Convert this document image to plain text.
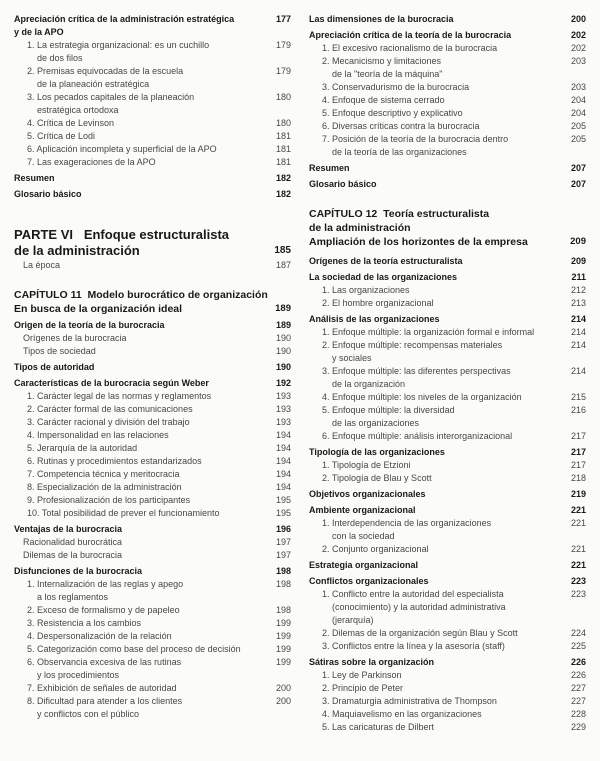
Apreciación crítica de la administración estratégica
y de la APO
177
1. La estrategia organizacional: es un cuchillo
de dos filos
179
2. Premisas equivocadas de la escuela
de la planeación estratégica
179
3. Los pecados capitales de la planeación
estratégica ortodoxa
180
4. Crítica de Levinson	180
5. Crítica de Lodi	181
6. Aplicación incompleta y superficial de la APO	181
7. Las exageraciones de la APO	181
Resumen	182
Glosario básico	182
PARTE VI   Enfoque estructuralista
de la administración	185
La época	187
CAPÍTULO 11  Modelo burocrático de organización
En busca de la organización ideal	189
Origen de la teoría de la burocracia	189
Orígenes de la burocracia	190
Tipos de sociedad	190
Tipos de autoridad	190
Características de la burocracia según Weber	192
1. Carácter legal de las normas y reglamentos	193
2. Carácter formal de las comunicaciones	193
3. Carácter racional y división del trabajo	193
4. Impersonalidad en las relaciones	194
5. Jerarquía de la autoridad	194
6. Rutinas y procedimientos estandarizados	194
7. Competencia técnica y meritocracia	194
8. Especialización de la administración	194
9. Profesionalización de los participantes	195
10. Total posibilidad de prever el funcionamiento	195
Ventajas de la burocracia	196
Racionalidad burocrática	197
Dilemas de la burocracia	197
Disfunciones de la burocracia	198
1. Internalización de las reglas y apego
a los reglamentos
198
2. Exceso de formalismo y de papeleo	198
3. Resistencia a los cambios	199
4. Despersonalización de la relación	199
5. Categorización como base del proceso de decisión	199
6. Observancia excesiva de las rutinas
y los procedimientos
199
7. Exhibición de señales de autoridad	200
8. Dificultad para atender a los clientes
y conflictos con el público
200
Las dimensiones de la burocracia	200
Apreciación crítica de la teoría de la burocracia	202
1. El excesivo racionalismo de la burocracia	202
2. Mecanicismo y limitaciones
de la "teoría de la máquina"
203
3. Conservadurismo de la burocracia	203
4. Enfoque de sistema cerrado	204
5. Enfoque descriptivo y explicativo	204
6. Diversas críticas contra la burocracia	205
7. Posición de la teoría de la burocracia dentro
de la teoría de las organizaciones
205
Resumen	207
Glosario básico	207
CAPÍTULO 12  Teoría estructuralista
de la administración
Ampliación de los horizontes de la empresa	209
Orígenes de la teoría estructuralista	209
La sociedad de las organizaciones	211
1. Las organizaciones	212
2. El hombre organizacional	213
Análisis de las organizaciones	214
1. Enfoque múltiple: la organización formal e informal	214
2. Enfoque múltiple: recompensas materiales
y sociales
214
3. Enfoque múltiple: las diferentes perspectivas
de la organización
214
4. Enfoque múltiple: los niveles de la organización	215
5. Enfoque múltiple: la diversidad
de las organizaciones
216
6. Enfoque múltiple: análisis interorganizacional	217
Tipología de las organizaciones	217
1. Tipología de Etzioni	217
2. Tipología de Blau y Scott	218
Objetivos organizacionales	219
Ambiente organizacional	221
1. Interdependencia de las organizaciones
con la sociedad
221
2. Conjunto organizacional	221
Estrategia organizacional	221
Conflictos organizacionales	223
1. Conflicto entre la autoridad del especialista
(conocimiento) y la autoridad administrativa
(jerarquía)
223
2. Dilemas de la organización según Blau y Scott	224
3. Conflictos entre la línea y la asesoría (staff)	225
Sátiras sobre la organización	226
1. Ley de Parkinson	226
2. Principio de Peter	227
3. Dramaturgia administrativa de Thompson	227
4. Maquiavelismo en las organizaciones	228
5. Las caricaturas de Dilbert	229
